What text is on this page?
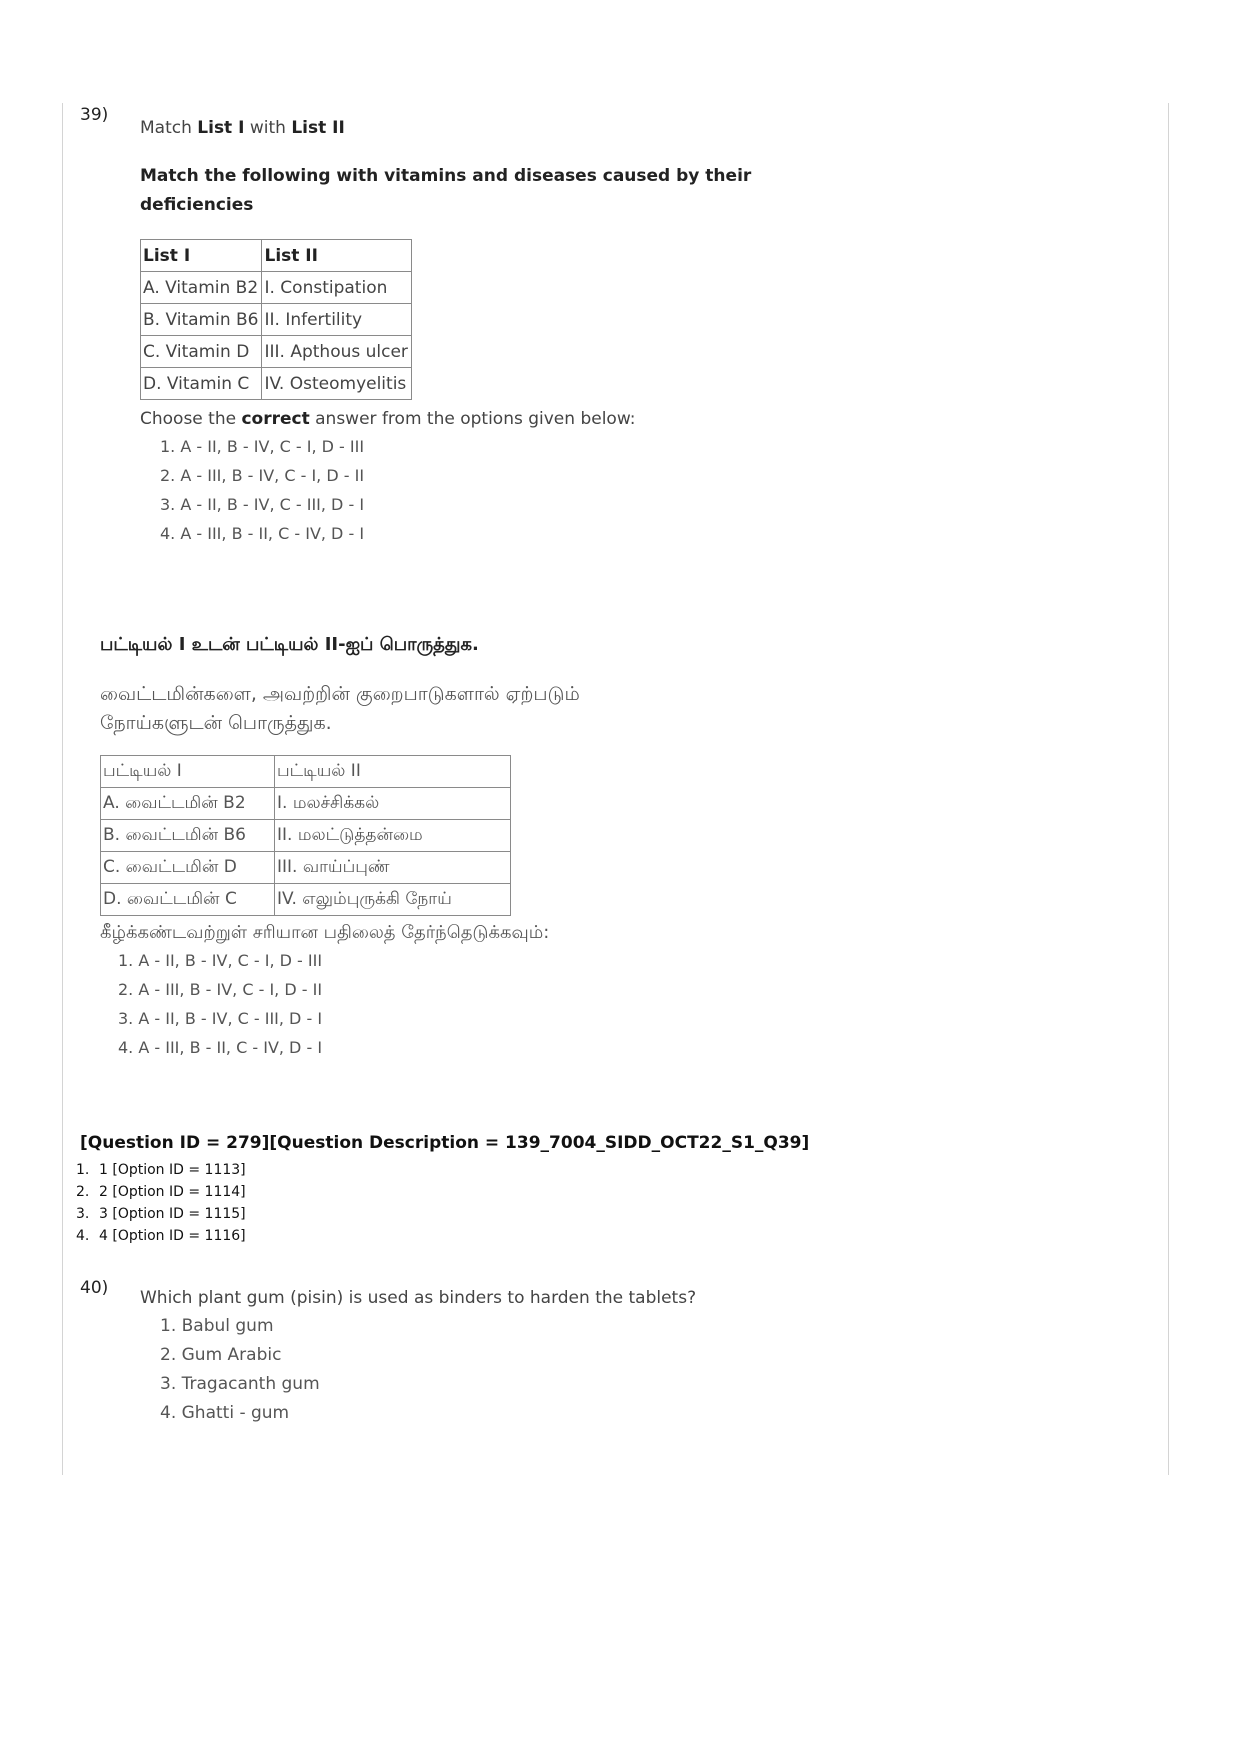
39)
Match List I with List II
Match the following with vitamins and diseases caused by their
deficiencies
List I	List II
A. Vitamin B2	I. Constipation
B. Vitamin B6	II. Infertility
C. Vitamin D	III. Apthous ulcer
D. Vitamin C	IV. Osteomyelitis
Choose the correct answer from the options given below:
1. A - II, B - IV, C - I, D - III
2. A - III, B - IV, C - I, D - II
3. A - II, B - IV, C - III, D - I
4. A - III, B - II, C - IV, D - I
பட்டியல் I உடன் பட்டியல் II-ஐப் பொருத்துக.
வைட்டமின்களை, அவற்றின் குறைபாடுகளால் ஏற்படும்
நோய்களுடன் பொருத்துக.
பட்டியல் I	பட்டியல் II
A. வைட்டமின் B2	I. மலச்சிக்கல்
B. வைட்டமின் B6	II. மலட்டுத்தன்மை
C. வைட்டமின் D	III. வாய்ப்புண்
D. வைட்டமின் C	IV. எலும்புருக்கி நோய்
கீழ்க்கண்டவற்றுள் சரியான பதிலைத் தேர்ந்தெடுக்கவும்:
1. A - II, B - IV, C - I, D - III
2. A - III, B - IV, C - I, D - II
3. A - II, B - IV, C - III, D - I
4. A - III, B - II, C - IV, D - I
[Question ID = 279][Question Description = 139_7004_SIDD_OCT22_S1_Q39]
1. 1 [Option ID = 1113]
2. 2 [Option ID = 1114]
3. 3 [Option ID = 1115]
4. 4 [Option ID = 1116]
40) Which plant gum (pisin) is used as binders to harden the tablets?
1. Babul gum
2. Gum Arabic
3. Tragacanth gum
4. Ghatti - gum
